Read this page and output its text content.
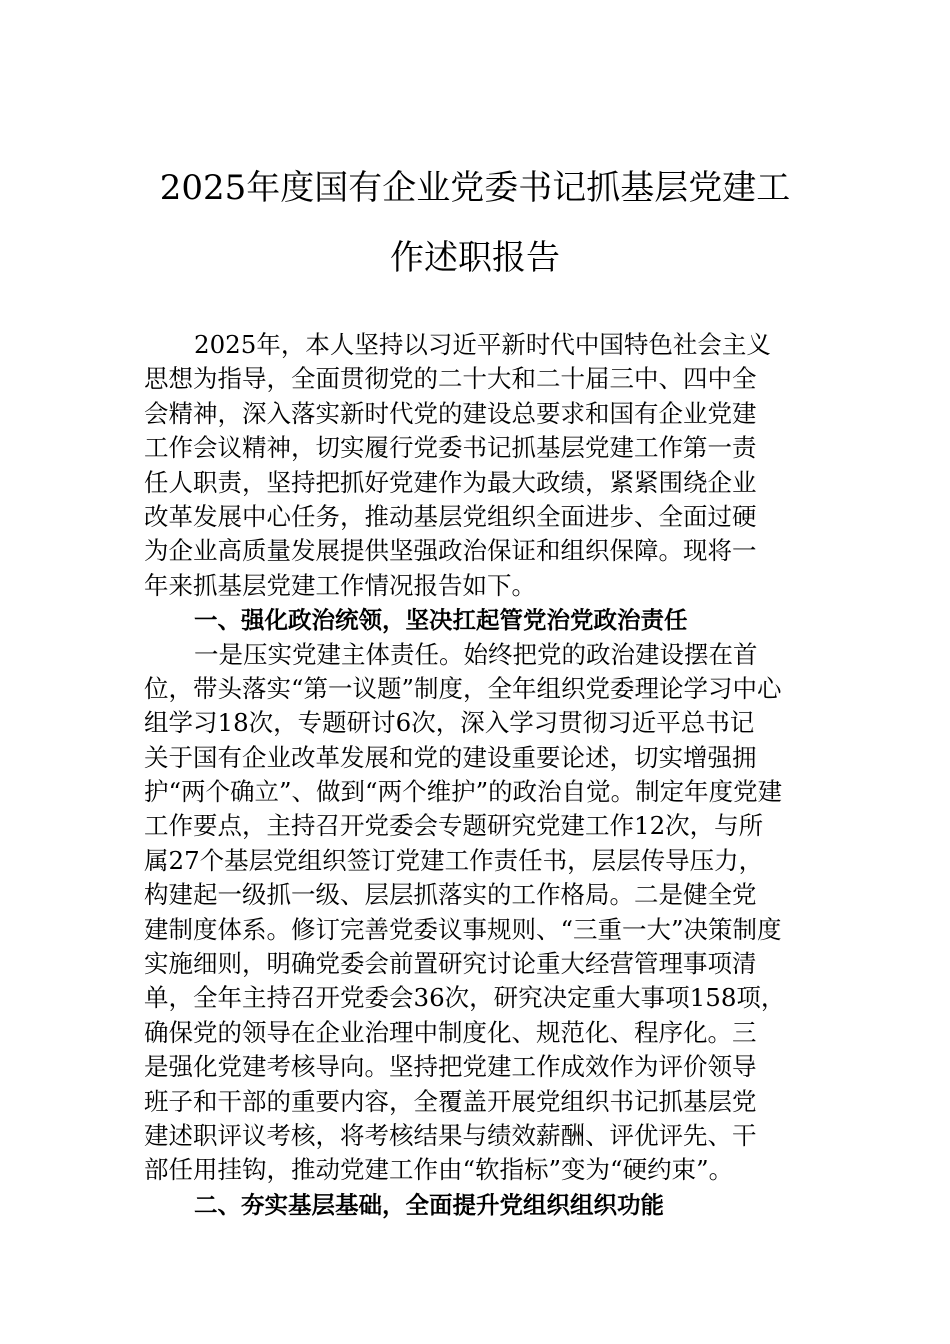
2025年度国有企业党委书记抓基层党建工
作述职报告
2025年，本人坚持以习近平新时代中国特色社会主义
思想为指导，全面贯彻党的二十大和二十届三中、四中全
会精神，深入落实新时代党的建设总要求和国有企业党建
工作会议精神，切实履行党委书记抓基层党建工作第一责
任人职责，坚持把抓好党建作为最大政绩，紧紧围绕企业
改革发展中心任务，推动基层党组织全面进步、全面过硬
为企业高质量发展提供坚强政治保证和组织保障。现将一
年来抓基层党建工作情况报告如下。
一、强化政治统领，坚决扛起管党治党政治责任
一是压实党建主体责任。始终把党的政治建设摆在首
位，带头落实“第一议题”制度，全年组织党委理论学习中心
组学习18次，专题研讨6次，深入学习贯彻习近平总书记
关于国有企业改革发展和党的建设重要论述，切实增强拥
护“两个确立”、做到“两个维护”的政治自觉。制定年度党建
工作要点，主持召开党委会专题研究党建工作12次，与所
属27个基层党组织签订党建工作责任书，层层传导压力，
构建起一级抓一级、层层抓落实的工作格局。二是健全党
建制度体系。修订完善党委议事规则、“三重一大”决策制度
实施细则，明确党委会前置研究讨论重大经营管理事项清
单，全年主持召开党委会36次，研究决定重大事项158项，
确保党的领导在企业治理中制度化、规范化、程序化。三
是强化党建考核导向。坚持把党建工作成效作为评价领导
班子和干部的重要内容，全覆盖开展党组织书记抓基层党
建述职评议考核，将考核结果与绩效薪酬、评优评先、干
部任用挂钩，推动党建工作由“软指标”变为“硬约束”。
二、夯实基层基础，全面提升党组织组织功能
